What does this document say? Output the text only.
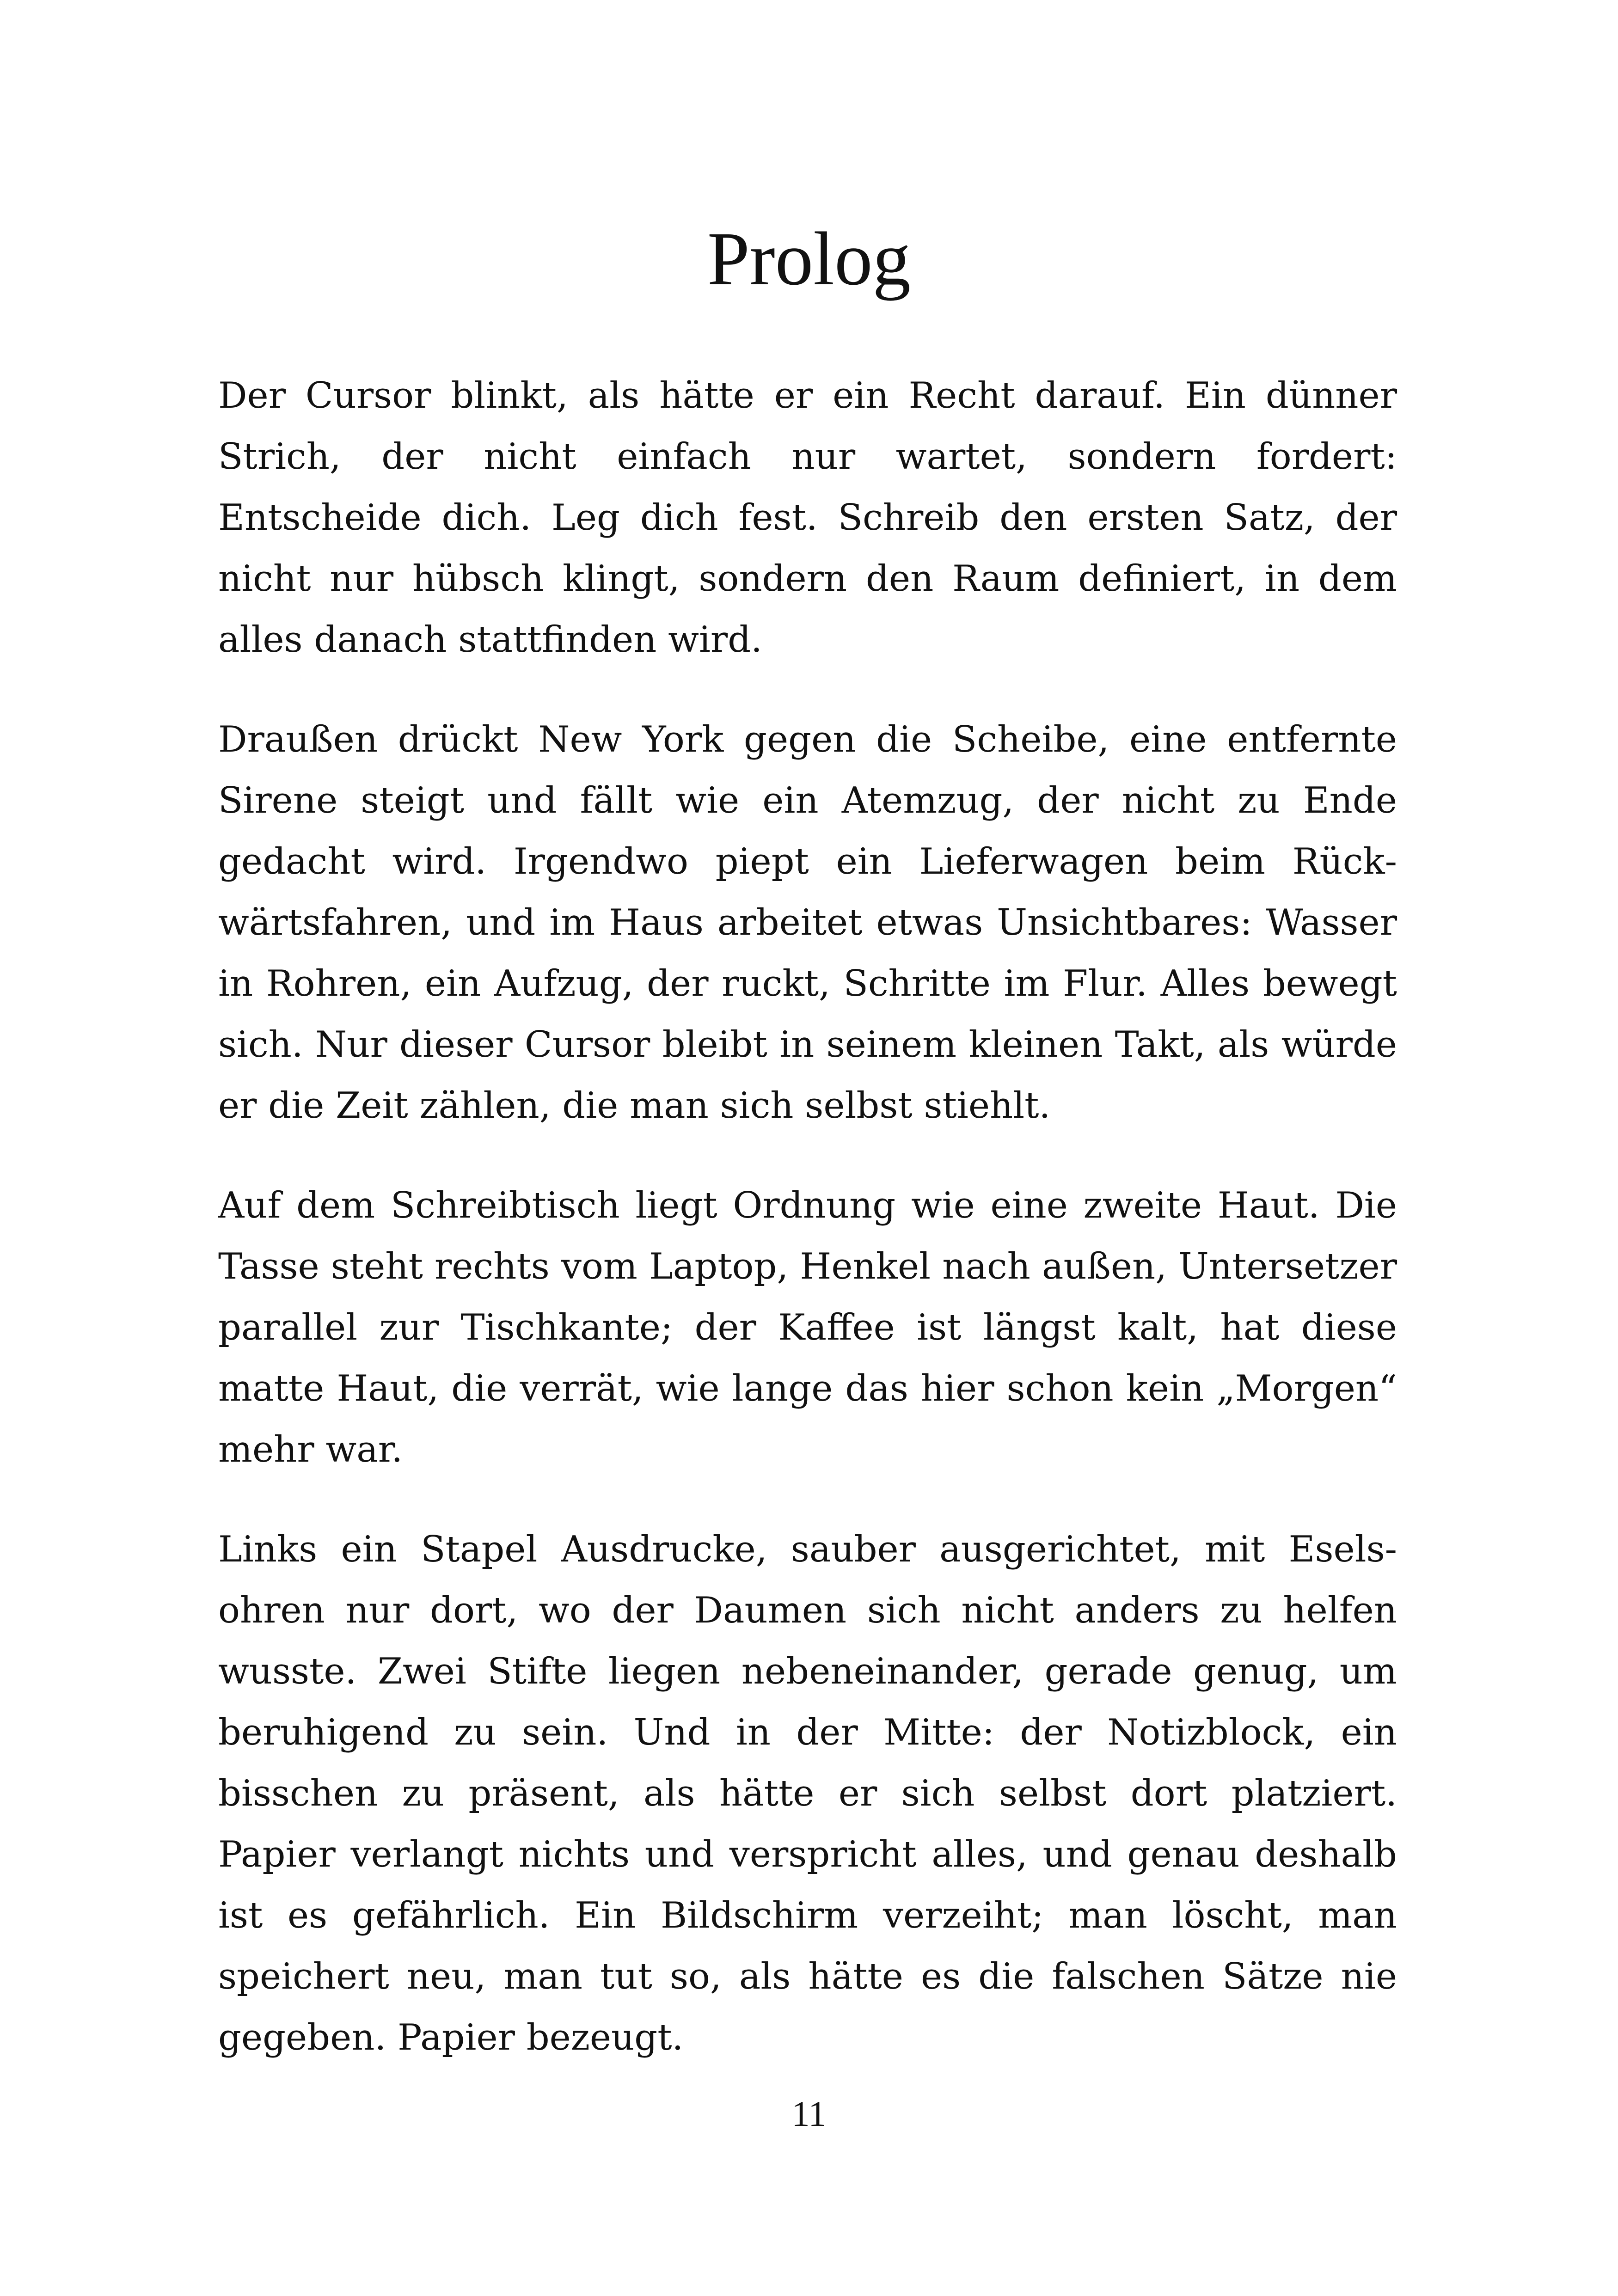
Prolog

Der Cursor blinkt, als hätte er ein Recht darauf. Ein dünner Strich, der nicht einfach nur wartet, sondern fordert: Entscheide dich. Leg dich fest. Schreib den ersten Satz, der nicht nur hübsch klingt, sondern den Raum definiert, in dem alles danach stattfinden wird.

Draußen drückt New York gegen die Scheibe, eine entfernte Sirene steigt und fällt wie ein Atemzug, der nicht zu Ende gedacht wird. Irgendwo piept ein Lieferwagen beim Rückwärtsfahren, und im Haus arbeitet etwas Unsichtbares: Wasser in Rohren, ein Aufzug, der ruckt, Schritte im Flur. Alles bewegt sich. Nur dieser Cursor bleibt in seinem kleinen Takt, als würde er die Zeit zählen, die man sich selbst stiehlt.

Auf dem Schreibtisch liegt Ordnung wie eine zweite Haut. Die Tasse steht rechts vom Laptop, Henkel nach außen, Untersetzer parallel zur Tischkante; der Kaffee ist längst kalt, hat diese matte Haut, die verrät, wie lange das hier schon kein „Morgen“ mehr war.

Links ein Stapel Ausdrucke, sauber ausgerichtet, mit Eselsohren nur dort, wo der Daumen sich nicht anders zu helfen wusste. Zwei Stifte liegen nebeneinander, gerade genug, um beruhigend zu sein. Und in der Mitte: der Notizblock, ein bisschen zu präsent, als hätte er sich selbst dort platziert. Papier verlangt nichts und verspricht alles, und genau deshalb ist es gefährlich. Ein Bildschirm verzeiht; man löscht, man speichert neu, man tut so, als hätte es die falschen Sätze nie gegeben. Papier bezeugt.

11
